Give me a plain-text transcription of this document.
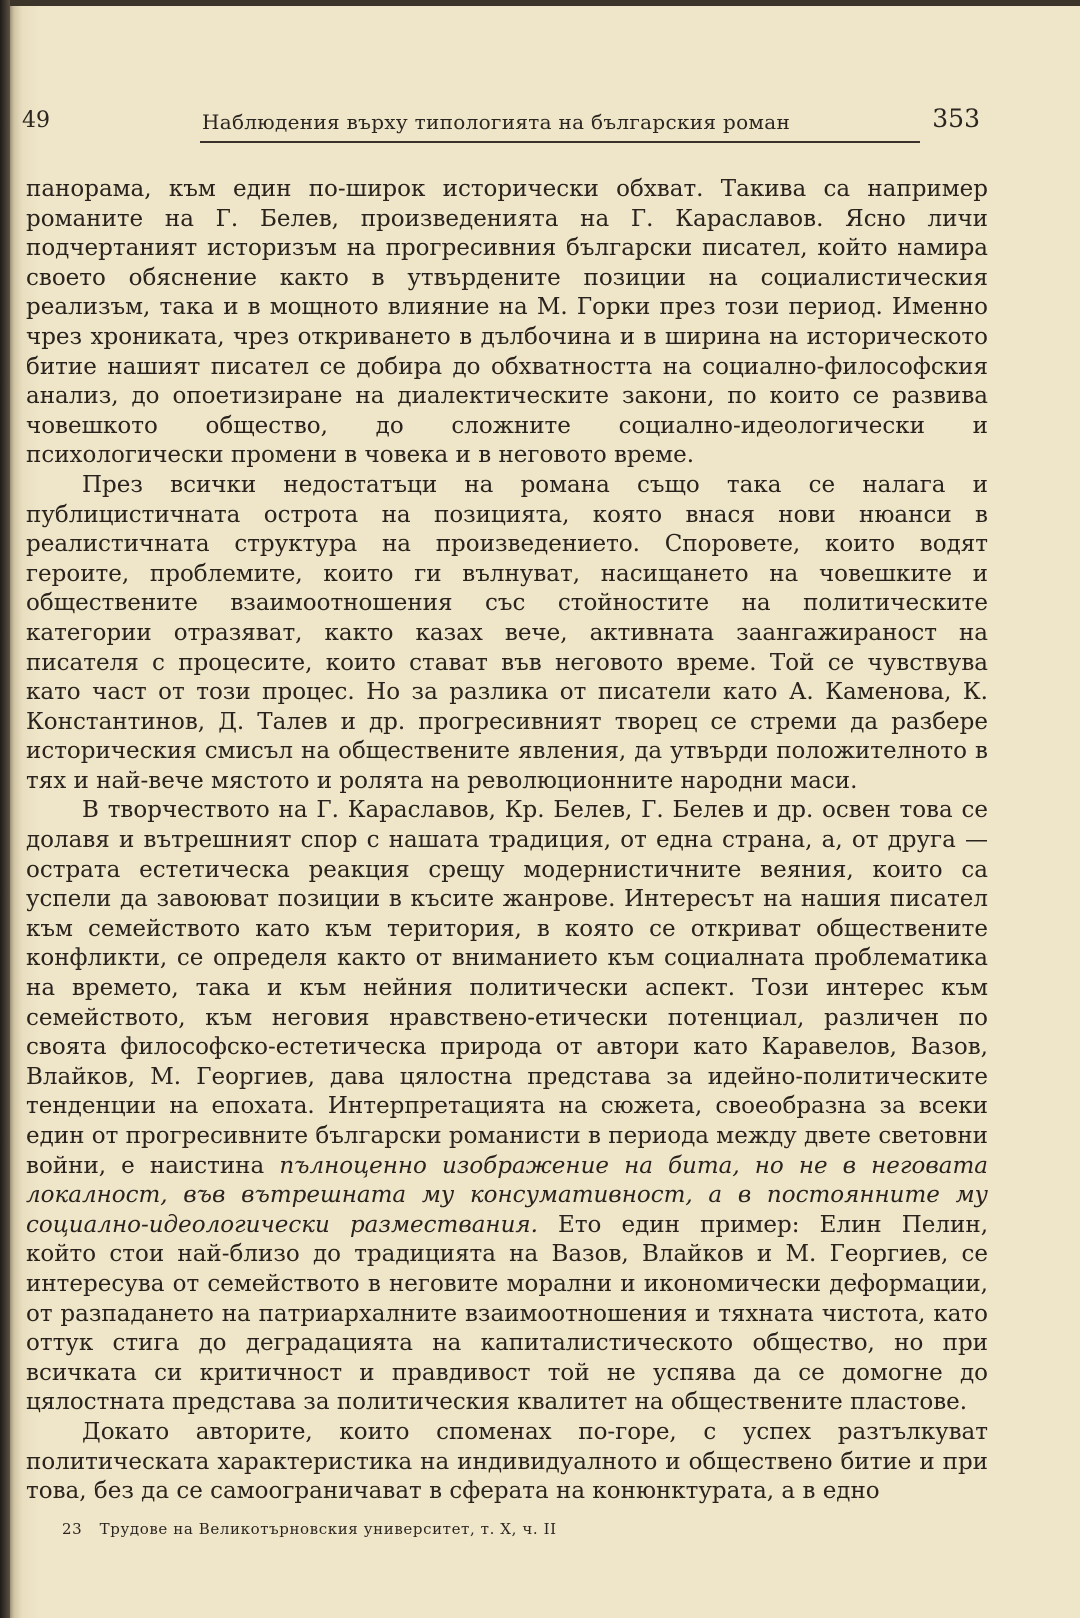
49	Наблюдения върху типологията на българския роман	353

панорама, към един по-широк исторически обхват. Такива са например романите на Г. Белев, произведенията на Г. Караславов. Ясно личи подчертаният историзъм на прогресивния български писател, който намира своето обяснение както в утвърдените позиции на социалистическия реализъм, така и в мощното влияние на М. Горки през този период. Именно чрез хрониката, чрез откриването в дълбочина и в ширина на историческото битие нашият писател се добира до обхватността на социално-философския анализ, до опоетизиране на диалектическите закони, по които се развива човешкото общество, до сложните социално-идеологически и психологически промени в човека и в неговото време.

През всички недостатъци на романа също така се налага и публицистичната острота на позицията, която внася нови нюанси в реалистичната структура на произведението. Споровете, които водят героите, проблемите, които ги вълнуват, насищането на човешките и обществените взаимоотношения със стойностите на политическите категории отразяват, както казах вече, активната заангажираност на писателя с процесите, които стават във неговото време. Той се чувствува като част от този процес. Но за разлика от писатели като А. Каменова, К. Константинов, Д. Талев и др. прогресивният творец се стреми да разбере историческия смисъл на обществените явления, да утвърди положителното в тях и най-вече мястото и ролята на революционните народни маси.

В творчеството на Г. Караславов, Кр. Белев, Г. Белев и др. освен това се долавя и вътрешният спор с нашата традиция, от една страна, а, от друга — острата естетическа реакция срещу модернистичните веяния, които са успели да завоюват позиции в късите жанрове. Интересът на нашия писател към семейството като към територия, в която се откриват обществените конфликти, се определя както от вниманието към социалната проблематика на времето, така и към нейния политически аспект. Този интерес към семейството, към неговия нравствено-етически потенциал, различен по своята философско-естетическа природа от автори като Каравелов, Вазов, Влайков, М. Георгиев, дава цялостна представа за идейно-политическите тенденции на епохата. Интерпретацията на сюжета, своеобразна за всеки един от прогресивните български романисти в периода между двете световни войни, е наистина пълноценно изображение на бита, но не в неговата локалност, във вътрешната му консумативност, а в постоянните му социално-идеологически размествания. Ето един пример: Елин Пелин, който стои най-близо до традицията на Вазов, Влайков и М. Георгиев, се интересува от семейството в неговите морални и икономически деформации, от разпадането на патриархалните взаимоотношения и тяхната чистота, като оттук стига до деградацията на капиталистическото общество, но при всичката си критичност и правдивост той не успява да се домогне до цялостната представа за политическия квалитет на обществените пластове.

Докато авторите, които споменах по-горе, с успех разтълкуват политическата характеристика на индивидуалното и обществено битие и при това, без да се самоограничават в сферата на конюнктурата, а в едно

23 Трудове на Великотърновския университет, т. X, ч. II
